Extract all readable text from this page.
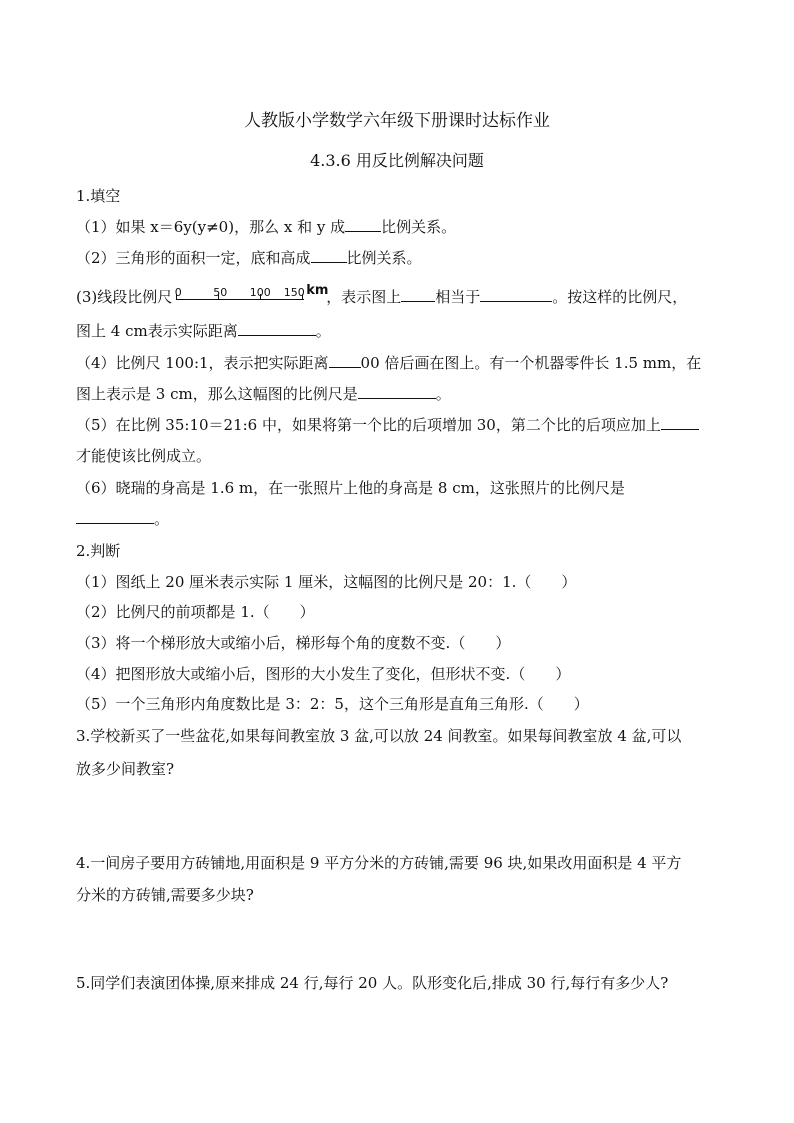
人教版小学数学六年级下册课时达标作业
4.3.6 用反比例解决问题
1.填空
（1）如果 x＝6y(y≠0)，那么 x 和 y 成 比例关系。
（2）三角形的面积一定，底和高成 比例关系。
(3)线段比例尺 0	50 100 150 km
，表示图上 相当于	。按这样的比例尺，
图上 4 cm表示实际距离	。
（4）比例尺 100:1，表示把实际距离 00 倍后画在图上。有一个机器零件长 1.5 mm，在
图上表示是 3 cm，那么这幅图的比例尺是	。
（5）在比例 35:10＝21:6 中，如果将第一个比的后项增加 30，第二个比的后项应加上
才能使该比例成立。
（6）晓瑞的身高是 1.6 m，在一张照片上他的身高是 8 cm，这张照片的比例尺是
。
2.判断
（1）图纸上 20 厘米表示实际 1 厘米，这幅图的比例尺是 20：1.（　　）
（2）比例尺的前项都是 1.（　　）
（3）将一个梯形放大或缩小后，梯形每个角的度数不变.（　　）
（4）把图形放大或缩小后，图形的大小发生了变化，但形状不变.（　　）
（5）一个三角形内角度数比是 3：2：5，这个三角形是直角三角形.（　　）
3.学校新买了一些盆花,如果每间教室放 3 盆,可以放 24 间教室。如果每间教室放 4 盆,可以
放多少间教室?
4.一间房子要用方砖铺地,用面积是 9 平方分米的方砖铺,需要 96 块,如果改用面积是 4 平方
分米的方砖铺,需要多少块?
5.同学们表演团体操,原来排成 24 行,每行 20 人。队形变化后,排成 30 行,每行有多少人?
